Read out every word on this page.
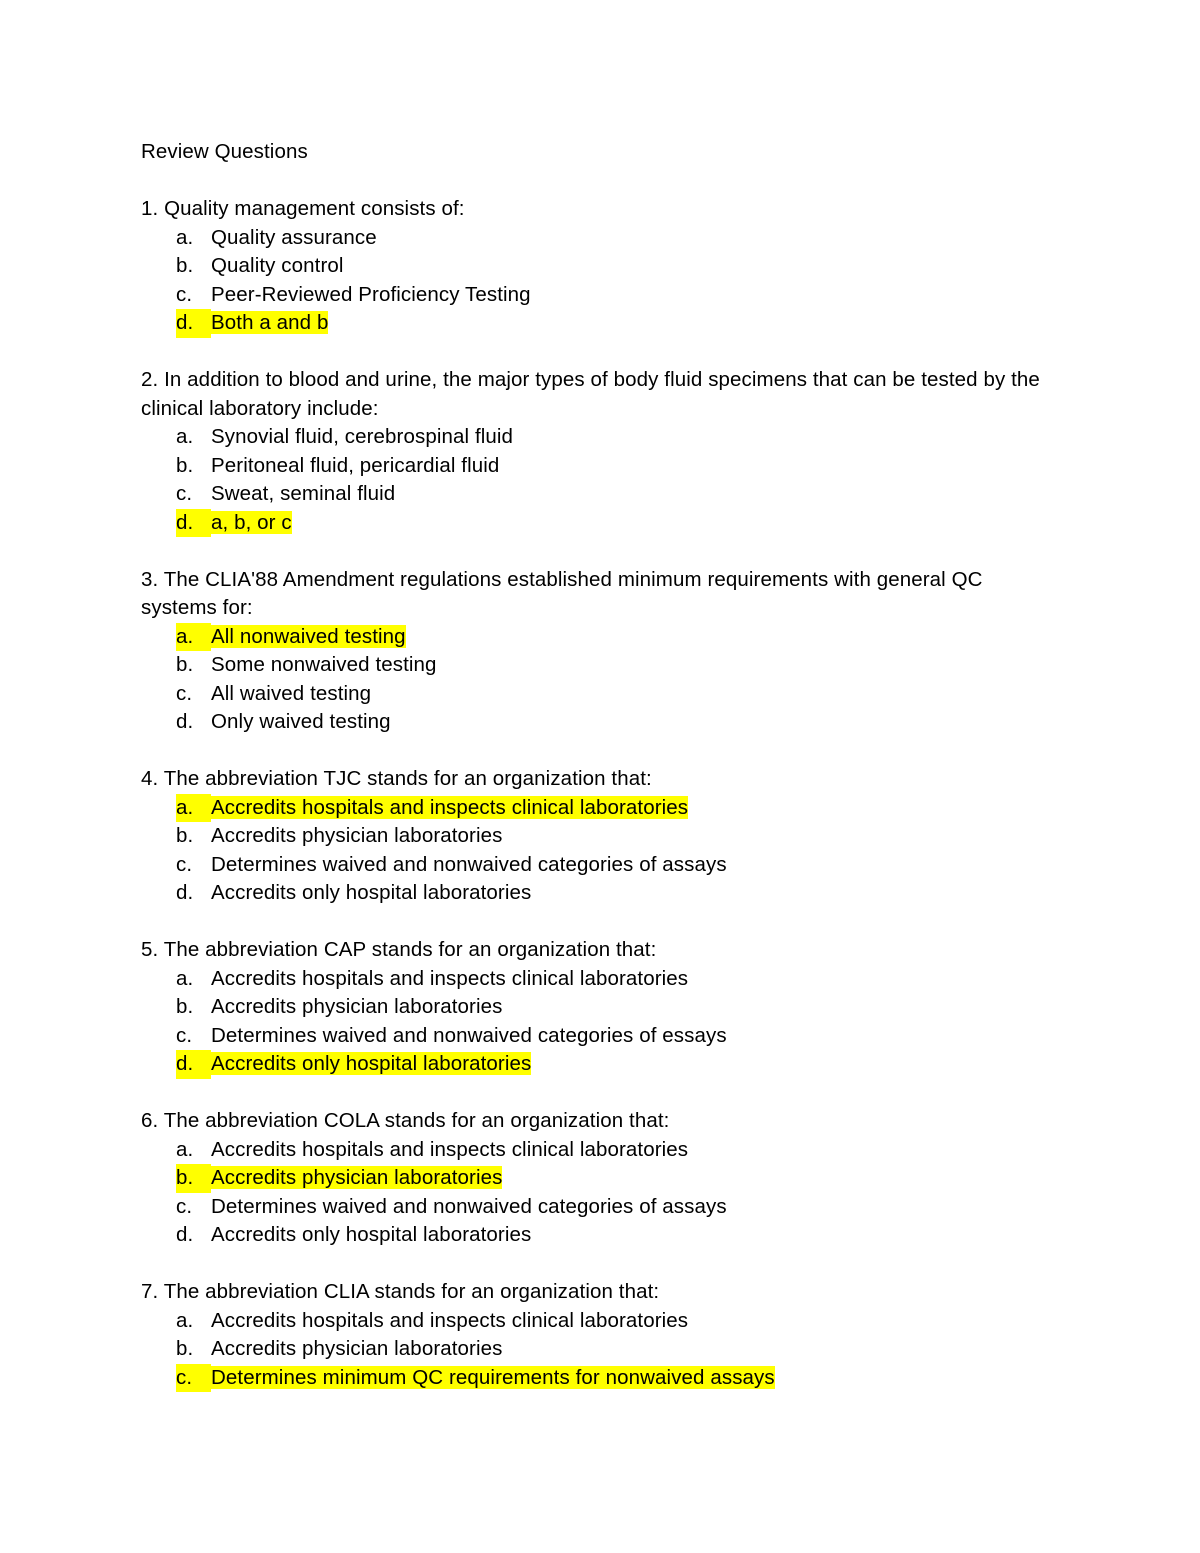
Review Questions

1. Quality management consists of:

a. Quality assurance
b. Quality control
c. Peer-Reviewed Proficiency Testing
d. Both a and b

2. In addition to blood and urine, the major types of body fluid specimens that can be tested by the clinical laboratory include:

a. Synovial fluid, cerebrospinal fluid
b. Peritoneal fluid, pericardial fluid
c. Sweat, seminal fluid
d. a, b, or c

3. The CLIA'88 Amendment regulations established minimum requirements with general QC systems for:

a. All nonwaived testing
b. Some nonwaived testing
c. All waived testing
d. Only waived testing

4. The abbreviation TJC stands for an organization that:

a. Accredits hospitals and inspects clinical laboratories
b. Accredits physician laboratories
c. Determines waived and nonwaived categories of assays
d. Accredits only hospital laboratories

5. The abbreviation CAP stands for an organization that:

a. Accredits hospitals and inspects clinical laboratories
b. Accredits physician laboratories
c. Determines waived and nonwaived categories of essays
d. Accredits only hospital laboratories

6. The abbreviation COLA stands for an organization that:

a. Accredits hospitals and inspects clinical laboratories
b. Accredits physician laboratories
c. Determines waived and nonwaived categories of assays
d. Accredits only hospital laboratories

7. The abbreviation CLIA stands for an organization that:

a. Accredits hospitals and inspects clinical laboratories
b. Accredits physician laboratories
c. Determines minimum QC requirements for nonwaived assays
